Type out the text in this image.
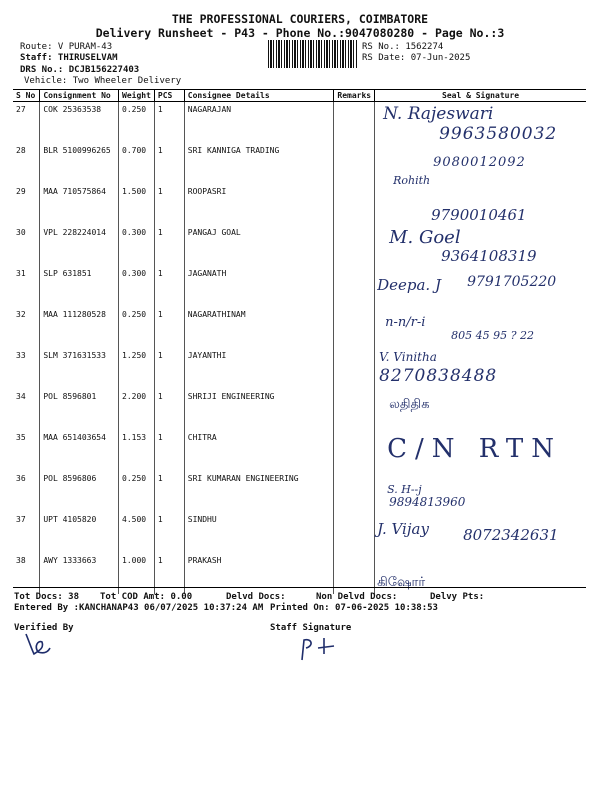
THE PROFESSIONAL COURIERS, COIMBATORE
Delivery Runsheet - P43 - Phone No.:9047080280 - Page No.:3
Route: V PURAM-43
Staff: THIRUSELVAM
DRS No.: DCJB156227403
Vehicle: Two Wheeler Delivery
RS No.: 1562274
RS Date: 07-Jun-2025
S No	Consignment No	Weight	PCS	Consignee Details	Remarks	Seal & Signature
27	COK 25363538	0.250	1	NAGARAJAN		N. Rajeswari
9963580032

28	BLR 5100996265	0.700	1	SRI KANNIGA TRADING		9080012092
Rohith

29	MAA 710575864	1.500	1	ROOPASRI		9790010461

30	VPL 228224014	0.300	1	PANGAJ GOAL		M. Goel
9364108319

31	SLP 631851	0.300	1	JAGANATH		Deepa. J 9791705220

32	MAA 111280528	0.250	1	NAGARATHINAM		n-n/r-i
805 45 95 ? 22

33	SLM 371631533	1.250	1	JAYANTHI		V. Vinitha
8270838488

34	POL 8596801	2.200	1	SHRIJI ENGINEERING		லதிதிக

35	MAA 651403654	1.153	1	CHITRA		C/N RTN

36	POL 8596806	0.250	1	SRI KUMARAN ENGINEERING		S. H--j
9894813960

37	UPT 4105820	4.500	1	SINDHU		J. Vijay 8072342631

38	AWY 1333663	1.000	1	PRAKASH		கிஷோர்
Tot Docs: 38 Tot COD Amt: 0.00	Delvd Docs:	Non Delvd Docs:	Delvy Pts:
Entered By :KANCHANAP43 06/07/2025 10:37:24 AM Printed On: 07-06-2025 10:38:53
Verified By	Staff Signature
